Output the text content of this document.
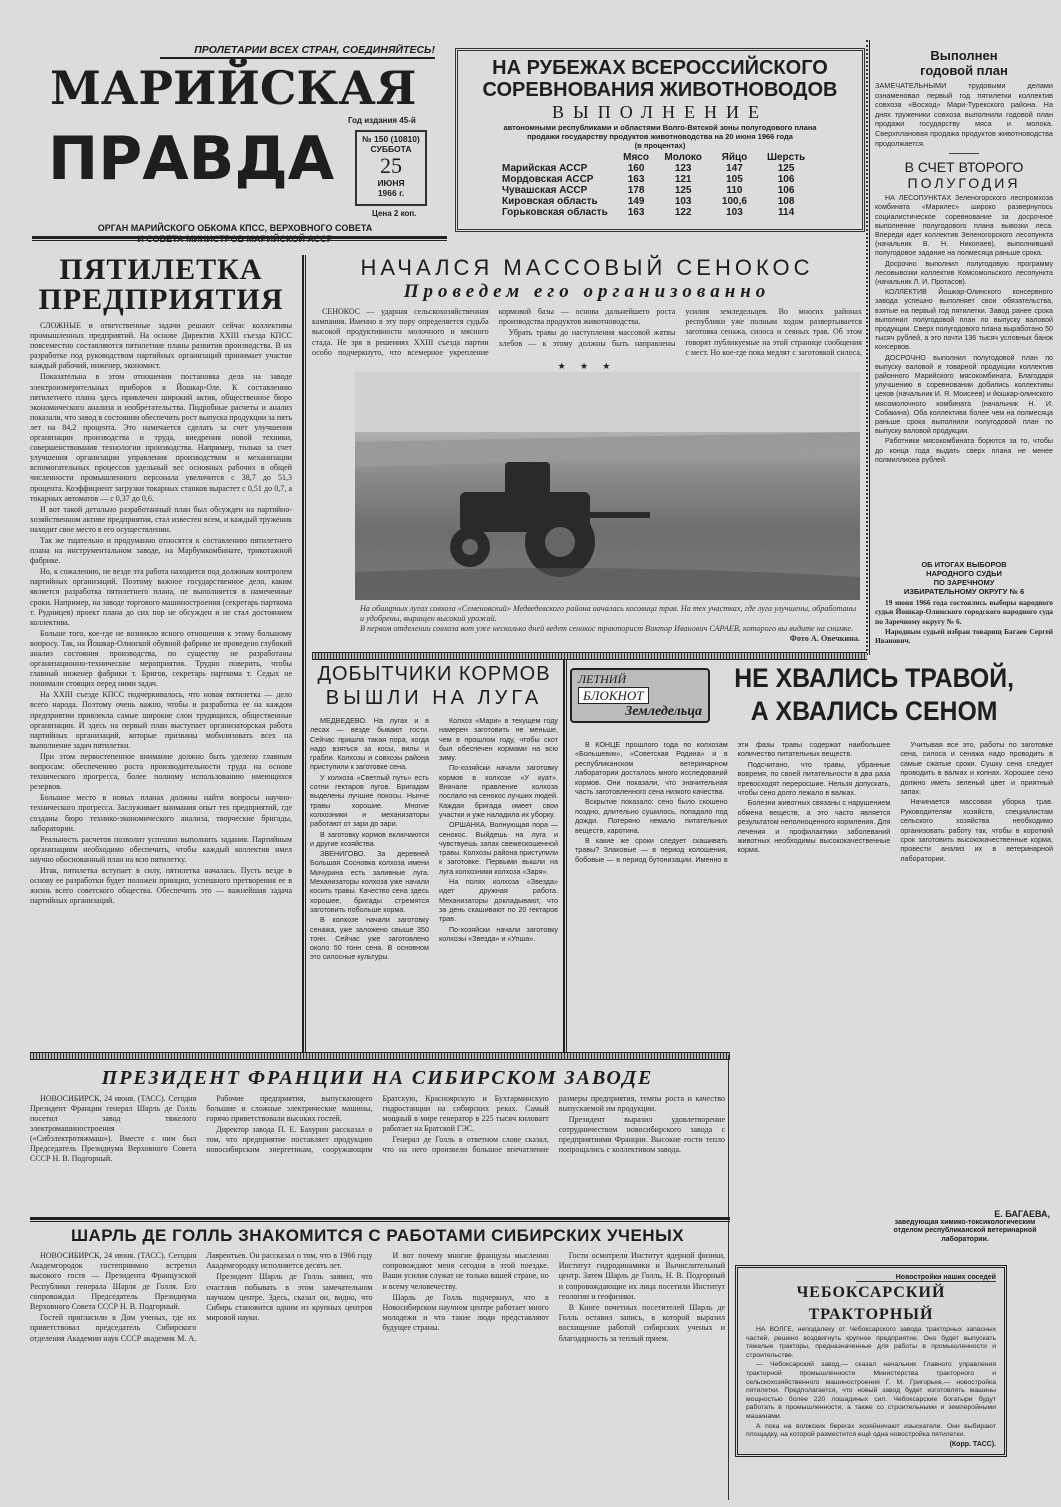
ПРОЛЕТАРИИ ВСЕХ СТРАН, СОЕДИНЯЙТЕСЬ!
МАРИЙСКАЯ
ПРАВДА
Год издания 45-й
№ 150 (10810)
СУББОТА
25
ИЮНЯ
1966 г.
Цена 2 коп.
ОРГАН МАРИЙСКОГО ОБКОМА КПСС, ВЕРХОВНОГО СОВЕТА
И СОВЕТА МИНИСТРОВ МАРИЙСКОЙ АССР
НА РУБЕЖАХ ВСЕРОССИЙСКОГО
СОРЕВНОВАНИЯ ЖИВОТНОВОДОВ
ВЫПОЛНЕНИЕ
автономными республиками и областями Волго-Вятской зоны полугодового плана
продажи государству продуктов животноводства на 20 июня 1966 года
(в процентах)
	Мясо	Молоко	Яйцо	Шерсть
Марийская АССР	160	123	147	125
Мордовская АССР	163	121	105	106
Чувашская АССР	178	125	110	106
Кировская область	149	103	100,6	108
Горьковская область	163	122	103	114
Выполнен
годовой план
ЗАМЕЧАТЕЛЬНЫМИ трудовыми делами ознаменовал первый год пятилетки коллектив совхоза «Восход» Мари-Турекского района. На днях труженики совхоза выполнили годовой план продажи государству мяса и молока. Сверхплановая продажа продуктов животноводства продолжается.
В СЧЕТ ВТОРОГО
ПОЛУГОДИЯ

НА ЛЕСОПУНКТАХ Зеленогорского леспромхоза комбината «Марилес» широко развернулось социалистическое соревнование за досрочное выполнение полугодового плана вывозки леса. Впереди идет коллектив Зеленогорского лесопункта (начальник В. Н. Николаев), выполнивший полугодовое задание на полмесяца раньше срока.

Досрочно выполнил полугодовую программу лесовывозки коллектив Комсомольского лесопункта (начальник Л. И. Протасов).

КОЛЛЕКТИВ Йошкар-Олинского консервного завода успешно выполняет свои обязательства, взятые на первый год пятилетки. Завод ранее срока выполнил полугодовой план по выпуску валовой продукции. Сверх полугодового плана выработано 50 тысяч рублей, а это почти 136 тысяч условных банок консервов.

ДОСРОЧНО выполнил полугодовой план по выпуску валовой и товарной продукции коллектив районного Марийского мясокомбината. Благодаря улучшению в соревновании добились коллективы цехов (начальник И. Я. Моисеев) и йошкар-олинского мясомолочного комбината (начальник Н. И. Собакина). Оба коллектива более чем на полмесяца раньше срока выполнили полугодовой план по выпуску валовой продукции.

Работники мясокомбината борются за то, чтобы до конца года выдать сверх плана не менее полмиллиона рублей.

ОБ ИТОГАХ ВЫБОРОВ
НАРОДНОГО СУДЬИ
ПО ЗАРЕЧНОМУ
ИЗБИРАТЕЛЬНОМУ ОКРУГУ № 6

19 июня 1966 года состоялись выборы народного судьи Йошкар-Олинского городского народного суда по Заречному округу № 6.

Народным судьей избран товарищ Багаев Сергей Иванович.

ПЯТИЛЕТКА
ПРЕДПРИЯТИЯ

СЛОЖНЫЕ и ответственные задачи решают сейчас коллективы промышленных предприятий. На основе Директив XXIII съезда КПСС повсеместно составляются пятилетние планы развития производства. В их разработке под руководством партийных организаций принимает участие каждый рабочий, инженер, экономист.

Показательна в этом отношении постановка дела на заводе электроизмерительных приборов в Йошкар-Оле. К составлению пятилетнего плана здесь привлечен широкий актив, общественное бюро экономического анализа и изобретательства. Подробные расчеты и анализ показали, что завод в состоянии обеспечить рост выпуска продукции за пять лет на 84,2 процента. Это намечается сделать за счет улучшения организации производства и труда, внедрения новой техники, совершенствования технологии производства. Например, только за счет улучшения организации управления производством и механизации вспомогательных процессов удельный вес основных рабочих в общей численности промышленного персонала увеличится с 38,7 до 51,3 процента. Коэффициент загрузки токарных станков вырастет с 0,51 до 0,7, а токарных автоматов — с 0,37 до 0,6.

И вот такой детально разработанный план был обсужден на партийно-хозяйственном активе предприятия, стал известен всем, и каждый труженик находит свое место в его осуществлении.

Так же тщательно и продуманно относятся к составлению пятилетнего плана на инструментальном заводе, на Марбумкомбинате, трикотажной фабрике.

Но, к сожалению, не везде эта работа находится под должным контролем партийных организаций. Поэтому важное государственное дело, каким является разработка пятилетнего плана, не выполняется в намеченные сроки. Например, на заводе торгового машиностроения (секретарь парткома т. Рудницев) проект плана до сих пор не обсужден и не стал достоянием коллектива.

Больше того, кое-где не возникло ясного отношения к этому большому вопросу. Так, на Йошкар-Олинской обувной фабрике не проведено глубокий анализ состояния производства, по существу не разработаны организационно-технические мероприятия. Трудно поверить, чтобы главный инженер фабрики т. Бригов, секретарь парткома т. Седых не понимали стоящих перед ними задач.

На XXIII съезде КПСС подчеркивалось, что новая пятилетка — дело всего народа. Поэтому очень важно, чтобы и разработка ее на каждом предприятии привлекла самые широкие слои трудящихся, общественные организации. И здесь на первый план выступает организаторская работа партийных организаций, которые призваны мобилизовать всех на выполнение задач пятилетки.

При этом первостепенное внимание должно быть уделено главным вопросам: обеспечению роста производительности труда на основе технического прогресса, более полному использованию имеющихся резервов.

Большое место в новых планах должны найти вопросы научно-технического прогресса. Заслуживает внимания опыт тех предприятий, где созданы бюро технико-экономического анализа, творческие бригады, лаборатории.

Реальность расчетов позволит успешно выполнить задания. Партийным организациям необходимо обеспечить, чтобы каждый коллектив имел научно обоснованный план на всю пятилетку.

Итак, пятилетка вступает в силу, пятилетка началась. Пусть везде в основу ее разработки будет положен принцип, успешного претворения ее в жизнь всего советского общества. Обеспечить это — важнейшая задача партийных организаций.

НАЧАЛСЯ МАССОВЫЙ СЕНОКОС
Проведем его организованно

СЕНОКОС — ударная сельскохозяйственная кампания. Именно в эту пору определяется судьба высокой продуктивности молочного и мясного стада. Не зря в решениях XXIII съезда партии особо подчеркнуто, что всемерное укрепление кормовой базы — основа дальнейшего роста производства продуктов животноводства.

Убрать травы до наступления массовой жатвы хлебов — к этому должны быть направлены усилия земледельцев. Во многих районах республики уже полным ходом развертывается заготовка сенажа, силоса и сеяных трав. Об этом говорят публикуемые на этой странице сообщения с мест. Но кое-где пока медлят с заготовкой силоса,

★ ★ ★
На обширных лугах совхоза «Семеновский» Медведевского района началась косовица трав. На тех участках, где луга улучшены, обработаны и удобрены, выращен высокий урожай.
В первом отделении совхоза вот уже несколько дней ведет сенокос тракторист Виктор Иванович САРАЕВ, которого вы видите на снимке.
Фото А. Овечкина.
ДОБЫТЧИКИ КОРМОВ
ВЫШЛИ НА ЛУГА

МЕДВЕДЕВО. На лугах и в лесах — везде бывают гости. Сейчас пришла такая пора, когда надо взяться за косы, вилы и грабли. Колхозы и совхозы района приступили к заготовке сена.

У колхоза «Светлый путь» есть сотни гектаров лугов. Бригадам выделены лучшие покосы. Нынче травы хорошие. Многие колхозники и механизаторы работают от зари до зари.

В заготовку кормов включаются и другие хозяйства.

ЗВЕНИГОВО. За деревней Большая Сосновка колхоза имени Мичурина есть заливные луга. Механизаторы колхоза уже начали косить травы. Качество сена здесь хорошее, бригады стремятся заготовить побольше корма.

В колхозе начали заготовку сенажа, уже заложено свыше 350 тонн. Сейчас уже заготовлено около 50 тонн сена. В основном это силосные культуры.

Колхоз «Мари» в текущем году намерен заготовить не меньше, чем в прошлом году, чтобы скот был обеспечен кормами на всю зиму.

По-хозяйски начали заготовку кормов в колхозе «У куат». Вначале правление колхоза послало на сенокос лучших людей. Каждая бригада имеет свои участки и уже наладила их уборку.

ОРШАНКА. Волнующая пора — сенокос. Выйдешь на луга и чувствуешь запах свежескошенной травы. Колхозы района приступили к заготовке. Первыми вышли на луга колхозники колхоза «Заря».

На полях колхоза «Звезда» идет дружная работа. Механизаторы докладывают, что за день скашивают по 20 гектаров трав.

По-хозяйски начали заготовку колхозы «Звезда» и «Упша».

ЛЕТНИЙ
БЛОКНОТ
Земледельца
НЕ ХВАЛИСЬ ТРАВОЙ,
А ХВАЛИСЬ СЕНОМ

В КОНЦЕ прошлого года по колхозам «Большевик», «Советская Родина» и в республиканском ветеринарном лаборатории досталось много исследований кормов. Они показали, что значительная часть заготовленного сена низкого качества.

Вскрытие показало: сено было скошено поздно, длительно сушилось, попадало под дожди. Потеряно немало питательных веществ, каротина.

В какие же сроки следует скашивать травы? Злаковые — в период колошения, бобовые — в период бутонизации. Именно в эти фазы травы содержат наибольшее количество питательных веществ.

Подсчитано, что травы, убранные вовремя, по своей питательности в два раза превосходят переросшие. Нельзя допускать, чтобы сено долго лежало в валках.

Болезни животных связаны с нарушением обмена веществ, а это часто является результатом неполноценного кормления. Для лечения и профилактики заболеваний животных необходимы высококачественные корма.

Учитывая все это, работы по заготовке сена, силоса и сенажа надо проводить в самые сжатые сроки. Сушку сена следует проводить в валках и копнах. Хорошее сено должно иметь зеленый цвет и приятный запах.

Начинается массовая уборка трав. Руководителям хозяйств, специалистам сельского хозяйства необходимо организовать работу так, чтобы в короткий срок заготовить высококачественные корма, провести анализ их в ветеринарной лаборатории.

Е. БАГАЕВА,
заведующая химико-токсикологическим отделом республиканской ветеринарной лаборатории.
ПРЕЗИДЕНТ ФРАНЦИИ НА СИБИРСКОМ ЗАВОДЕ

НОВОСИБИРСК, 24 июня. (ТАСС). Сегодня Президент Франции генерал Шарль де Голль посетил завод тяжелого электромашиностроения («Сибэлектротяжмаш»). Вместе с ним был Председатель Президиума Верховного Совета СССР Н. В. Подгорный.

Рабочие предприятия, выпускающего большие и сложные электрические машины, горячо приветствовали высоких гостей.

Директор завода П. Е. Бахурин рассказал о том, что предприятие поставляет продукцию новосибирским энергетикам, сооружающим Братскую, Красноярскую и Бухтарминскую гидростанции на сибирских реках. Самый мощный в мире генератор в 225 тысяч киловатт работает на Братской ГЭС.

Генерал де Голль в ответном слове сказал, что на него произвели большое впечатление размеры предприятия, темпы роста и качество выпускаемой им продукции.

Президент выразил удовлетворение сотрудничеством новосибирского завода с предприятиями Франции. Высокие гости тепло попрощались с коллективом завода.

ШАРЛЬ ДЕ ГОЛЛЬ ЗНАКОМИТСЯ С РАБОТАМИ СИБИРСКИХ УЧЕНЫХ

НОВОСИБИРСК, 24 июня. (ТАСС). Сегодня Академгородок гостеприимно встретил высокого гостя — Президента Французской Республики генерала Шарля де Голля. Его сопровождал Председатель Президиума Верховного Совета СССР Н. В. Подгорный.

Гостей пригласили в Дом ученых, где их приветствовал председатель Сибирского отделения Академии наук СССР академик М. А. Лаврентьев. Он рассказал о том, что в 1966 году Академгородку исполняется десять лет.

Президент Шарль де Голль заявил, что счастлив побывать в этом замечательном научном центре. Здесь, сказал он, видно, что Сибирь становится одним из крупных центров мировой науки.

И вот почему многие французы мысленно сопровождают меня сегодня в этой поездке. Ваши усилия служат не только вашей стране, но и всему человечеству.

Шарль де Голль подчеркнул, что в Новосибирском научном центре работает много молодежи и что такие люди представляют будущее страны.

Гости осмотрели Институт ядерной физики, Институт гидродинамики и Вычислительный центр. Затем Шарль де Голль, Н. В. Подгорный и сопровождающие их лица посетили Институт геологии и геофизики.

В Книге почетных посетителей Шарль де Голль оставил запись, в которой выразил восхищение работой сибирских ученых и благодарность за теплый прием.

Новостройки наших соседей
ЧЕБОКСАРСКИЙ ТРАКТОРНЫЙ

НА ВОЛГЕ, неподалеку от Чебоксарского завода тракторных запасных частей, решено воздвигнуть крупное предприятие. Оно будет выпускать тяжелые тракторы, предназначенные для работы в промышленности и строительстве.

— Чебоксарский завод,— сказал начальник Главного управления тракторной промышленности Министерства тракторного и сельскохозяйственного машиностроения Г. М. Григорьев,— новостройка пятилетки. Предполагается, что новый завод будет изготовлять машины мощностью более 220 лошадиных сил. Чебоксарские богатыри будут работать в промышленности, а также со строительными и землеройными машинами.

А пока на волжских берегах хозяйничают изыскатели. Они выбирают площадку, на которой разместится ещё одна новостройка пятилетки.

(Корр. ТАСС).
